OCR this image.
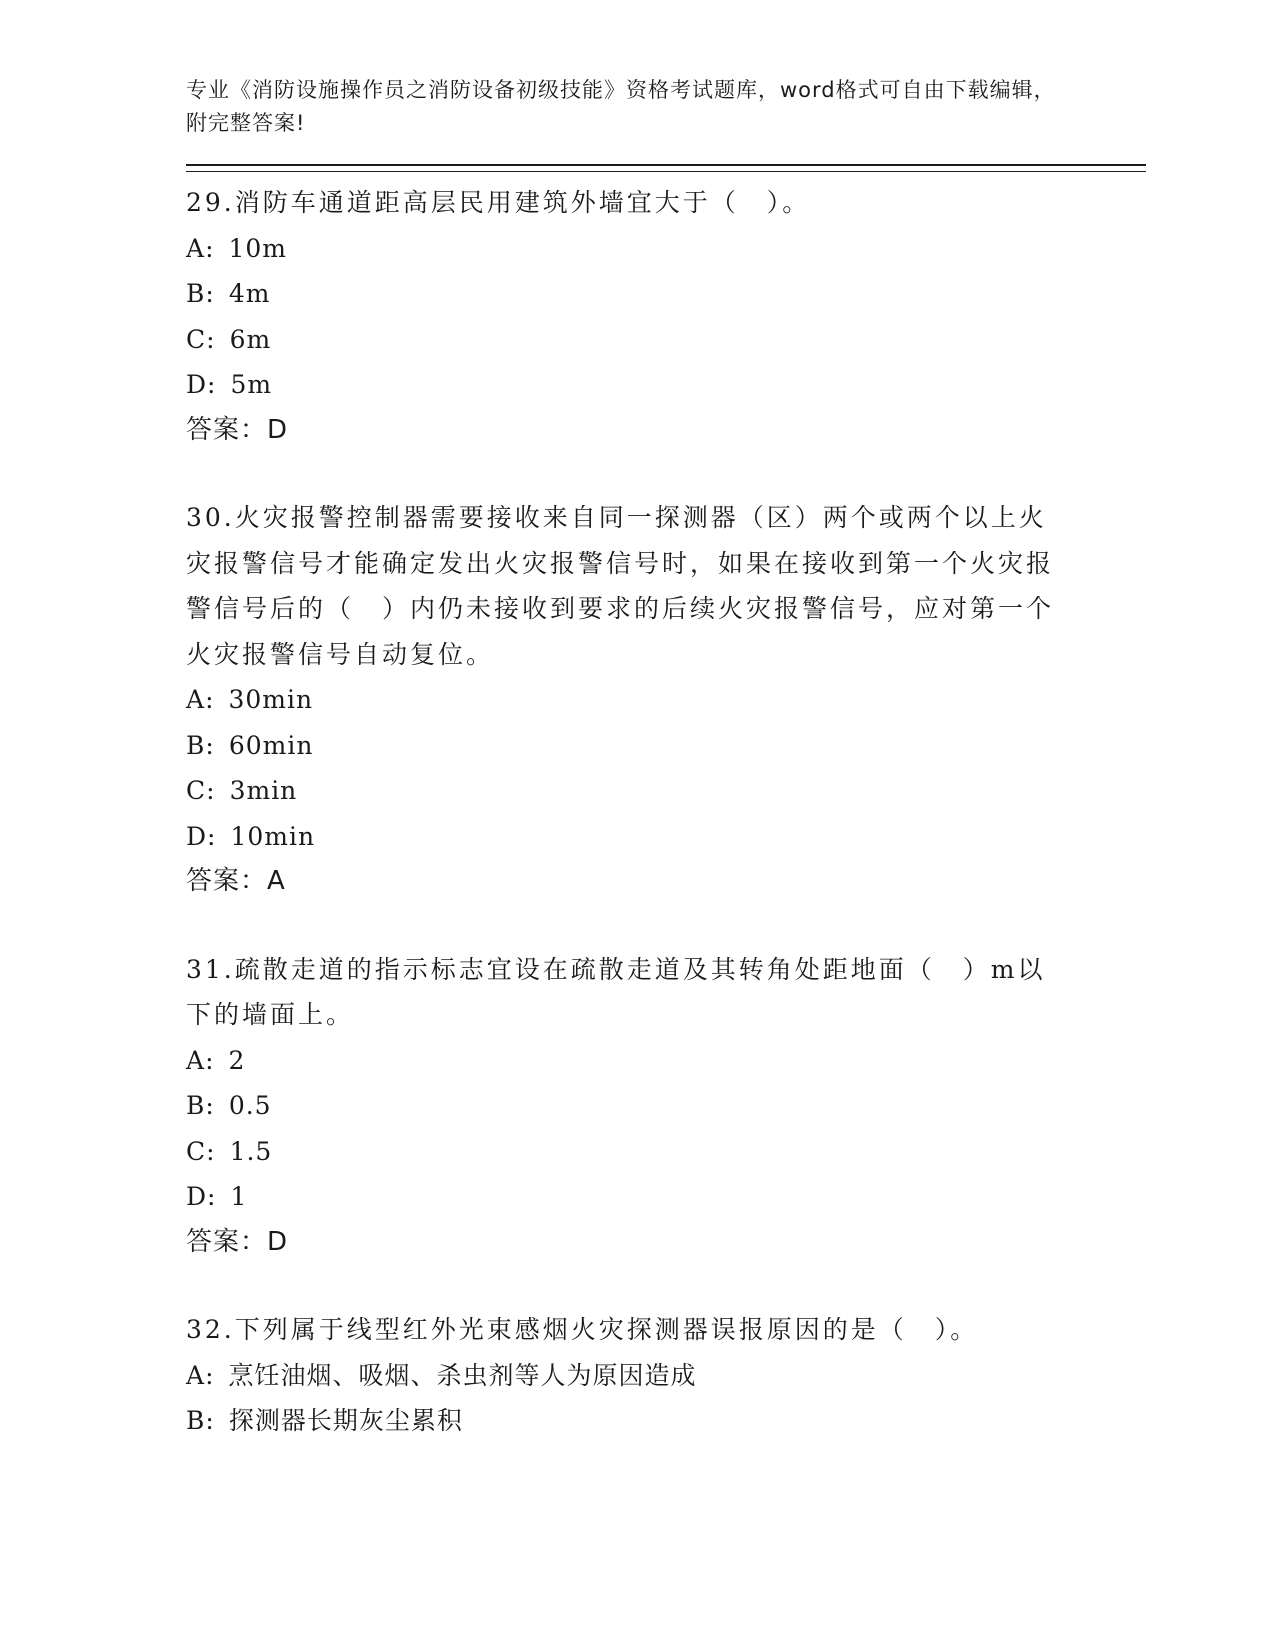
专业《消防设施操作员之消防设备初级技能》资格考试题库，word格式可自由下载编辑，附完整答案!
29.消防车通道距高层民用建筑外墙宜大于（　）。
A: 10m
B: 4m
C: 6m
D: 5m
答案：D
30.火灾报警控制器需要接收来自同一探测器（区）两个或两个以上火灾报警信号才能确定发出火灾报警信号时，如果在接收到第一个火灾报警信号后的（　）内仍未接收到要求的后续火灾报警信号，应对第一个火灾报警信号自动复位。
A: 30min
B: 60min
C: 3min
D: 10min
答案：A
31.疏散走道的指示标志宜设在疏散走道及其转角处距地面（　）m以下的墙面上。
A: 2
B: 0.5
C: 1.5
D: 1
答案：D
32.下列属于线型红外光束感烟火灾探测器误报原因的是（　）。
A: 烹饪油烟、吸烟、杀虫剂等人为原因造成
B: 探测器长期灰尘累积
